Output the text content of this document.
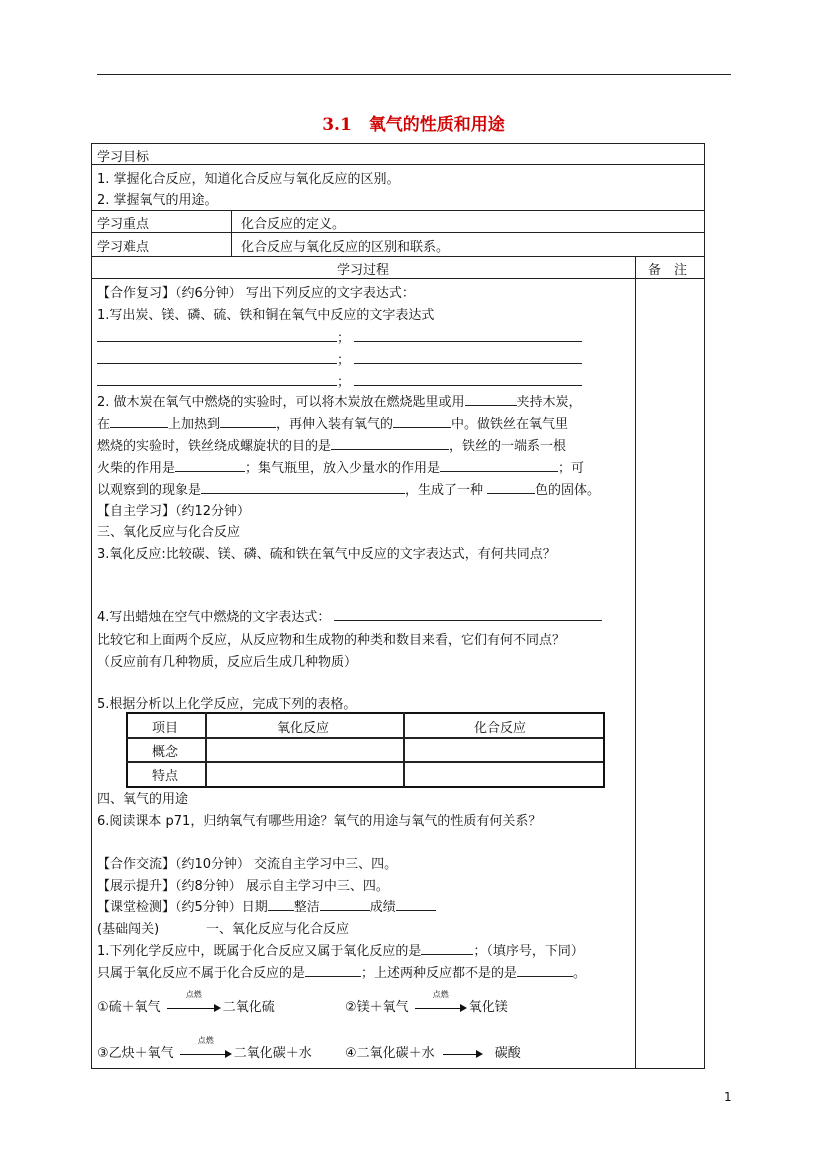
3.1　氧气的性质和用途
学习目标
1. 掌握化合反应，知道化合反应与氧化反应的区别。
2. 掌握氧气的用途。
学习重点	化合反应的定义。
学习难点	化合反应与氧化反应的区别和联系。
学习过程	备　注
【合作复习】（约6分钟） 写出下列反应的文字表达式：
1.写出炭、镁、磷、硫、铁和铜在氧气中反应的文字表达式
；
；
；
2. 做木炭在氧气中燃烧的实验时，可以将木炭放在燃烧匙里或用	夹持木炭，
在	上加热到	，再伸入装有氧气的	中。做铁丝在氧气里
燃烧的实验时，铁丝绕成螺旋状的目的是	，铁丝的一端系一根
火柴的作用是	；集气瓶里，放入少量水的作用是	；可
以观察到的现象是	，生成了一种	色的固体。
【自主学习】（约12分钟）
三、氧化反应与化合反应
3.氧化反应:比较碳、镁、磷、硫和铁在氧气中反应的文字表达式，有何共同点？
4.写出蜡烛在空气中燃烧的文字表达式：
比较它和上面两个反应，从反应物和生成物的种类和数目来看，它们有何不同点？
（反应前有几种物质，反应后生成几种物质）
5.根据分析以上化学反应，完成下列的表格。
项目	氧化反应	化合反应
概念
特点
四、氧气的用途
6.阅读课本 p71，归纳氧气有哪些用途？氧气的用途与氧气的性质有何关系？
【合作交流】（约10分钟） 交流自主学习中三、四。
【展示提升】（约8分钟） 展示自主学习中三、四。
【课堂检测】（约5分钟）日期 整洁	成绩
(基础闯关)	一、氧化反应与化合反应
1.下列化学反应中，既属于化合反应又属于氧化反应的是	；（填序号，下同）
只属于氧化反应不属于化合反应的是	；上述两种反应都不是的是	。
①硫＋氧气
点燃
二氧化硫	②镁＋氧气
点燃
氧化镁
③乙炔＋氧气
点燃
二氧化碳＋水	④二氧化碳＋水	碳酸
1
